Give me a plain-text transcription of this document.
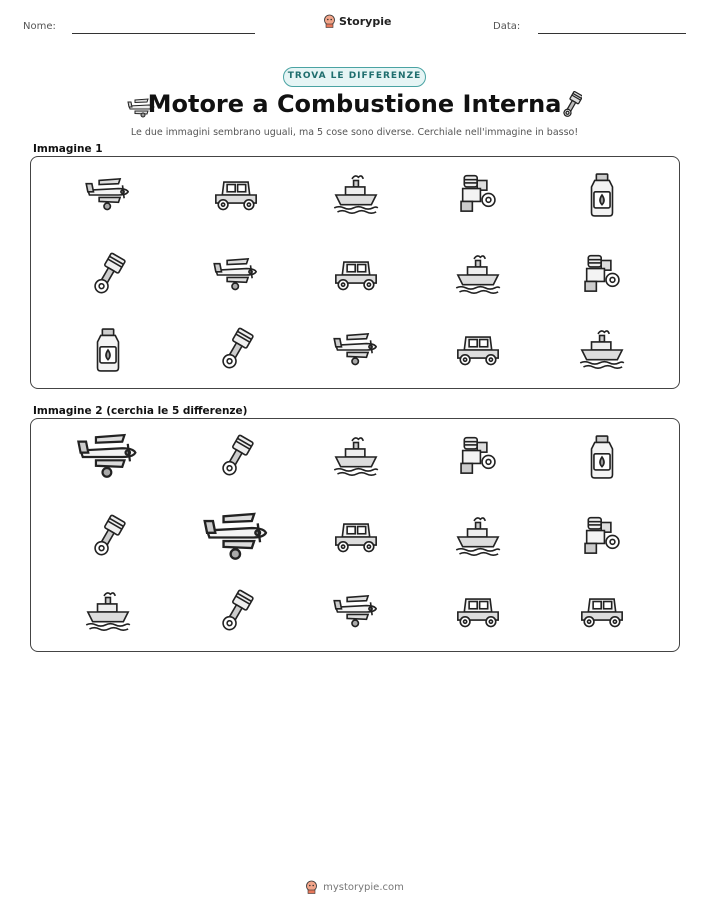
Nome:	Storypie	Data:
TROVA LE DIFFERENZE
Motore a Combustione Interna
Le due immagini sembrano uguali, ma 5 cose sono diverse. Cerchiale nell'immagine in basso!
Immagine 1
Immagine 2 (cerchia le 5 differenze)
mystorypie.com
